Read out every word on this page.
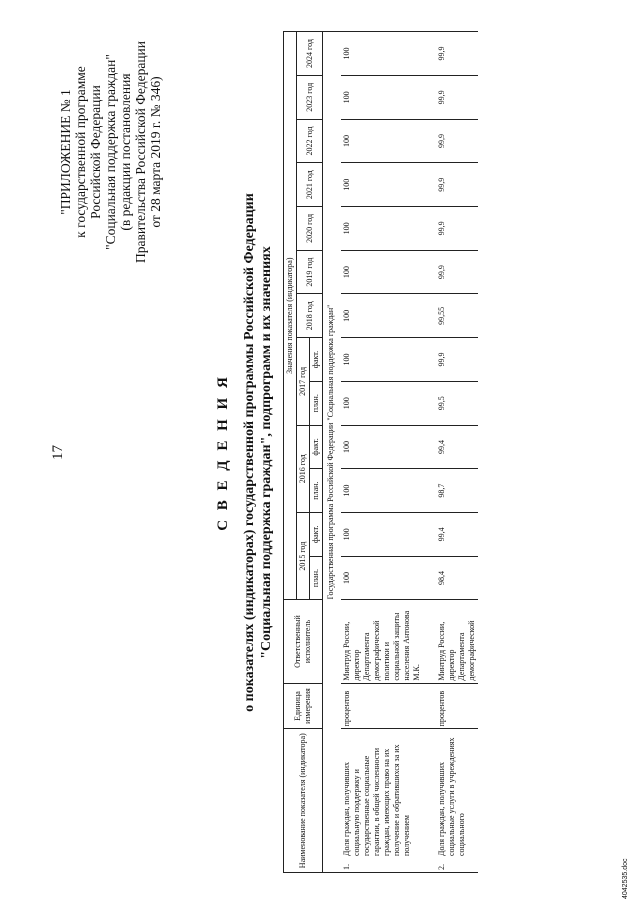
17
"ПРИЛОЖЕНИЕ № 1 к государственной программе Российской Федерации "Социальная поддержка граждан" (в редакции постановления Правительства Российской Федерации от 28 марта 2019 г. № 346)
С В Е Д Е Н И Я о показателях (индикаторах) государственной программы Российской Федерации "Социальная поддержка граждан", подпрограмм и их значениях
Наименование показателя (индикатора)	Единица измерения	Ответственный исполнитель	Значения показателя (индикатора)												
			2015 год		2016 год		2017 год		2018 год	2019 год	2020 год	2021 год	2022 год	2023 год	2024 год
			план.	факт.	план.	факт.	план.	факт.							
Государственная программа Российской Федерации "Социальная поддержка граждан"															

1.
Доля граждан, получивших социальную поддержку и государственные социальные гарантии, в общей численности граждан, имеющих право на их получение и обратившихся за их получением	процентов	Минтруд России, директор Департамента демографической политики и социальной защиты населения Антонова М.К.	100	100	100	100	100	100	100	100	100	100	100	100	100

2.
Доля граждан, получивших социальные услуги в учреждениях социального	процентов	Минтруд России, директор Департамента демографической	98,4	99,4	98,7	99,4	99,5	99,9	99,55	99,9	99,9	99,9	99,9	99,9	99,9
4042535.doc
